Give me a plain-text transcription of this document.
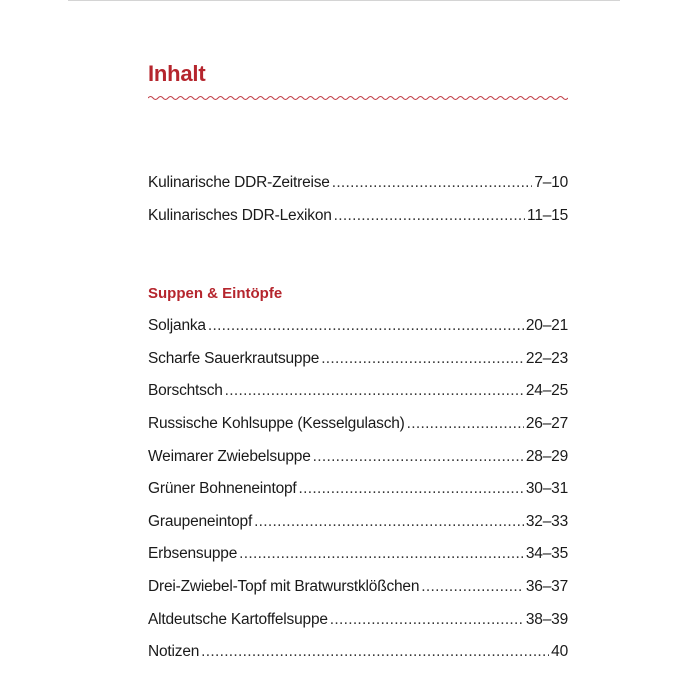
Inhalt
Kulinarische DDR-Zeitreise .....	7–10
Kulinarisches DDR-Lexikon .....	11–15
Suppen & Eintöpfe
Soljanka .....	20–21
Scharfe Sauerkrautsuppe .....	22–23
Borschtsch .....	24–25
Russische Kohlsuppe (Kesselgulasch) .....	26–27
Weimarer Zwiebelsuppe .....	28–29
Grüner Bohneneintopf .....	30–31
Graupeneintopf .....	32–33
Erbsensuppe .....	34–35
Drei-Zwiebel-Topf mit Bratwurstklößchen .....	36–37
Altdeutsche Kartoffelsuppe .....	38–39
Notizen .....	40
